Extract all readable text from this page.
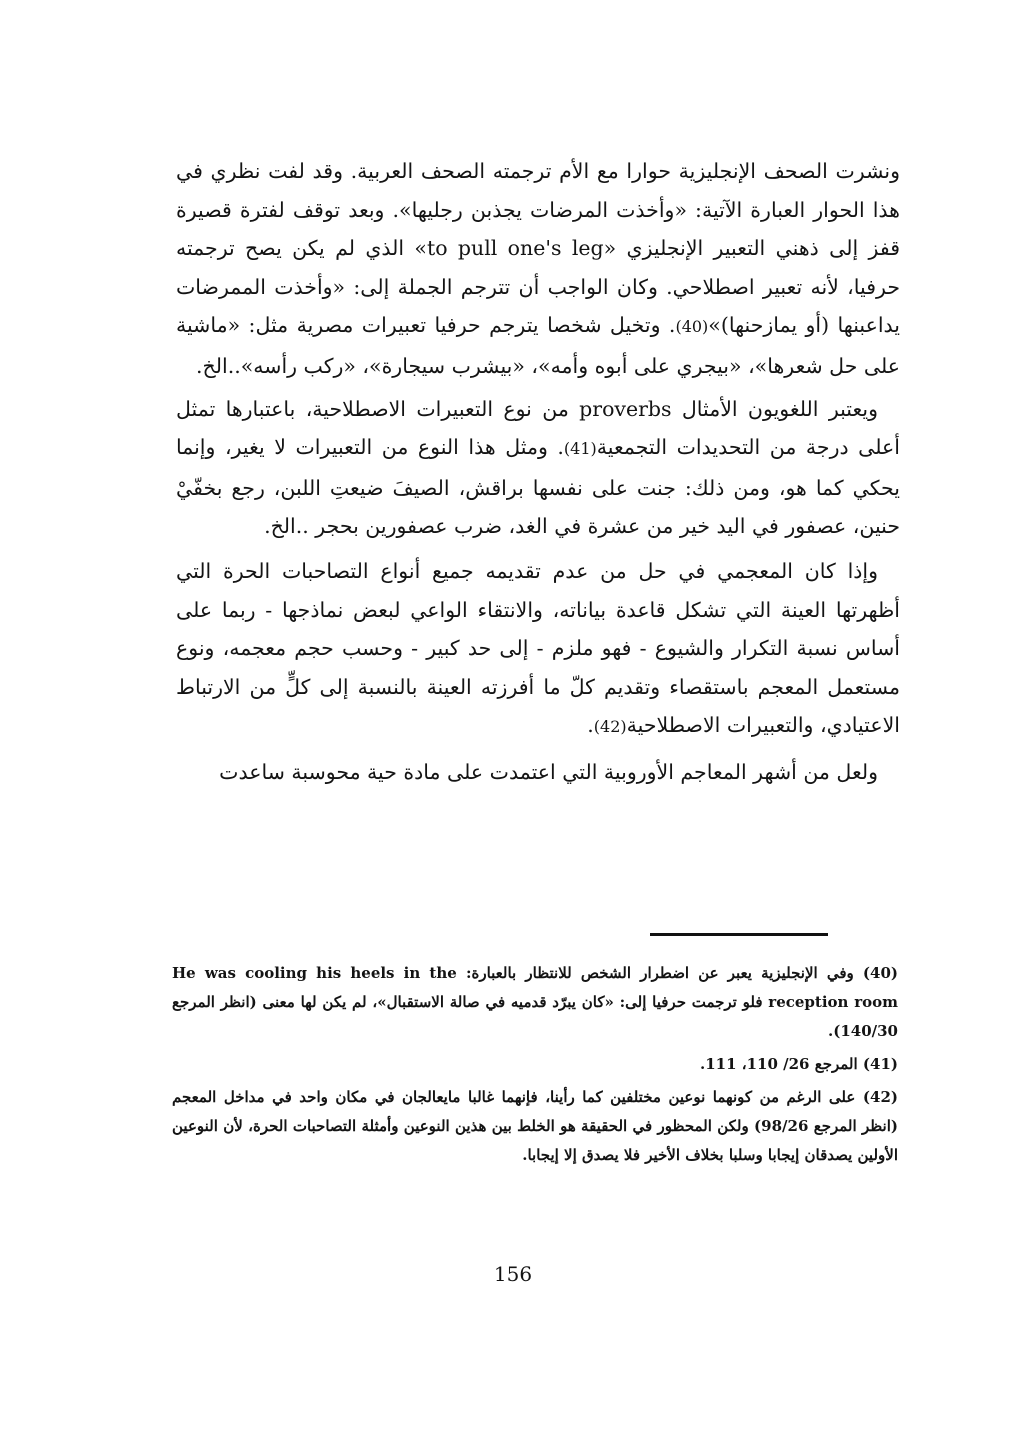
ونشرت الصحف الإنجليزية حوارا مع الأم ترجمته الصحف العربية. وقد لفت نظري في هذا الحوار العبارة الآتية: «وأخذت المرضات يجذبن رجليها». وبعد توقف لفترة قصيرة قفز إلى ذهني التعبير الإنجليزي «to pull one's leg» الذي لم يكن يصح ترجمته حرفيا، لأنه تعبير اصطلاحي. وكان الواجب أن تترجم الجملة إلى: «وأخذت الممرضات يداعبنها (أو يمازحنها)»(40). وتخيل شخصا يترجم حرفيا تعبيرات مصرية مثل: «ماشية على حل شعرها»، «بيجري على أبوه وأمه»، «بيشرب سيجارة»، «ركب رأسه»..الخ.

ويعتبر اللغويون الأمثال proverbs من نوع التعبيرات الاصطلاحية، باعتبارها تمثل أعلى درجة من التحديدات التجمعية(41). ومثل هذا النوع من التعبيرات لا يغير، وإنما يحكي كما هو، ومن ذلك: جنت على نفسها براقش، الصيفَ ضيعتِ اللبن، رجع بخفّيْ حنين، عصفور في اليد خير من عشرة في الغد، ضرب عصفورين بحجر ..الخ.

وإذا كان المعجمي في حل من عدم تقديمه جميع أنواع التصاحبات الحرة التي أظهرتها العينة التي تشكل قاعدة بياناته، والانتقاء الواعي لبعض نماذجها - ربما على أساس نسبة التكرار والشيوع - فهو ملزم - إلى حد كبير - وحسب حجم معجمه، ونوع مستعمل المعجم باستقصاء وتقديم كلّ ما أفرزته العينة بالنسبة إلى كلٍّ من الارتباط الاعتيادي، والتعبيرات الاصطلاحية(42).

ولعل من أشهر المعاجم الأوروبية التي اعتمدت على مادة حية محوسبة ساعدت

(40) وفي الإنجليزية يعبر عن اضطرار الشخص للانتظار بالعبارة: He was cooling his heels in the reception room فلو ترجمت حرفيا إلى: «كان يبرّد قدميه في صالة الاستقبال»، لم يكن لها معنى (انظر المرجع 140/30).
(41) المرجع 26/ 110، 111.
(42) على الرغم من كونهما نوعين مختلفين كما رأينا، فإنهما غالبا مايعالجان في مكان واحد في مداخل المعجم (انظر المرجع 98/26) ولكن المحظور في الحقيقة هو الخلط بين هذين النوعين وأمثلة التصاحبات الحرة، لأن النوعين الأولين يصدقان إيجابا وسلبا بخلاف الأخير فلا يصدق إلا إيجابا.
156
